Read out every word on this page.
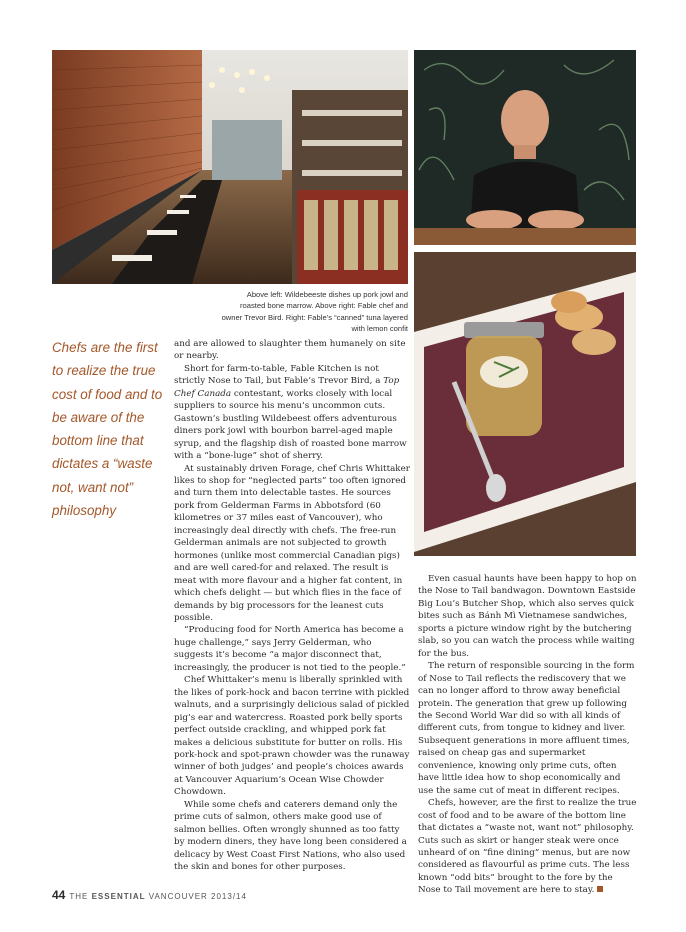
Above left: Wildebeeste dishes up pork jowl and
roasted bone marrow. Above right: Fable chef and
owner Trevor Bird. Right: Fable’s “canned” tuna layered
with lemon confit
Chefs are the first to realize the true cost of food and to be aware of the bottom line that dictates a “waste not, want not” philosophy

and are allowed to slaughter them humanely on site or nearby.

Short for farm-to-table, Fable Kitchen is not strictly Nose to Tail, but Fable’s Trevor Bird, a Top Chef Canada contestant, works closely with local suppliers to source his menu’s uncommon cuts. Gastown’s bustling Wildebeest offers adventurous diners pork jowl with bourbon barrel-aged maple syrup, and the flagship dish of roasted bone marrow with a “bone-luge” shot of sherry.

At sustainably driven Forage, chef Chris Whittaker likes to shop for “neglected parts” too often ignored and turn them into delectable tastes. He sources pork from Gelderman Farms in Abbotsford (60 kilometres or 37 miles east of Vancouver), who increasingly deal directly with chefs. The free-run Gelderman animals are not subjected to growth hormones (unlike most commercial Canadian pigs) and are well cared-for and relaxed. The result is meat with more flavour and a higher fat content, in which chefs delight — but which flies in the face of demands by big processors for the leanest cuts possible.

“Producing food for North America has become a huge challenge,” says Jerry Gelderman, who suggests it’s become “a major disconnect that, increasingly, the producer is not tied to the people.”

Chef Whittaker’s menu is liberally sprinkled with the likes of pork-hock and bacon terrine with pickled walnuts, and a surprisingly delicious salad of pickled pig’s ear and watercress. Roasted pork belly sports perfect outside crackling, and whipped pork fat makes a delicious substitute for butter on rolls. His pork-hock and spot-prawn chowder was the runaway winner of both judges’ and people’s choices awards at Vancouver Aquarium’s Ocean Wise Chowder Chowdown.

While some chefs and caterers demand only the prime cuts of salmon, others make good use of salmon bellies. Often wrongly shunned as too fatty by modern diners, they have long been considered a delicacy by West Coast First Nations, who also used the skin and bones for other purposes.

Even casual haunts have been happy to hop on the Nose to Tail bandwagon. Downtown Eastside Big Lou’s Butcher Shop, which also serves quick bites such as Bánh Mì Vietnamese sandwiches, sports a picture window right by the butchering slab, so you can watch the process while waiting for the bus.

The return of responsible sourcing in the form of Nose to Tail reflects the rediscovery that we can no longer afford to throw away beneficial protein. The generation that grew up following the Second World War did so with all kinds of different cuts, from tongue to kidney and liver. Subsequent generations in more affluent times, raised on cheap gas and supermarket convenience, knowing only prime cuts, often have little idea how to shop economically and use the same cut of meat in different recipes.

Chefs, however, are the first to realize the true cost of food and to be aware of the bottom line that dictates a “waste not, want not” philosophy. Cuts such as skirt or hanger steak were once unheard of on “fine dining” menus, but are now considered as flavourful as prime cuts. The less known “odd bits” brought to the fore by the Nose to Tail movement are here to stay.

44 THE ESSENTIAL VANCOUVER 2013/14
